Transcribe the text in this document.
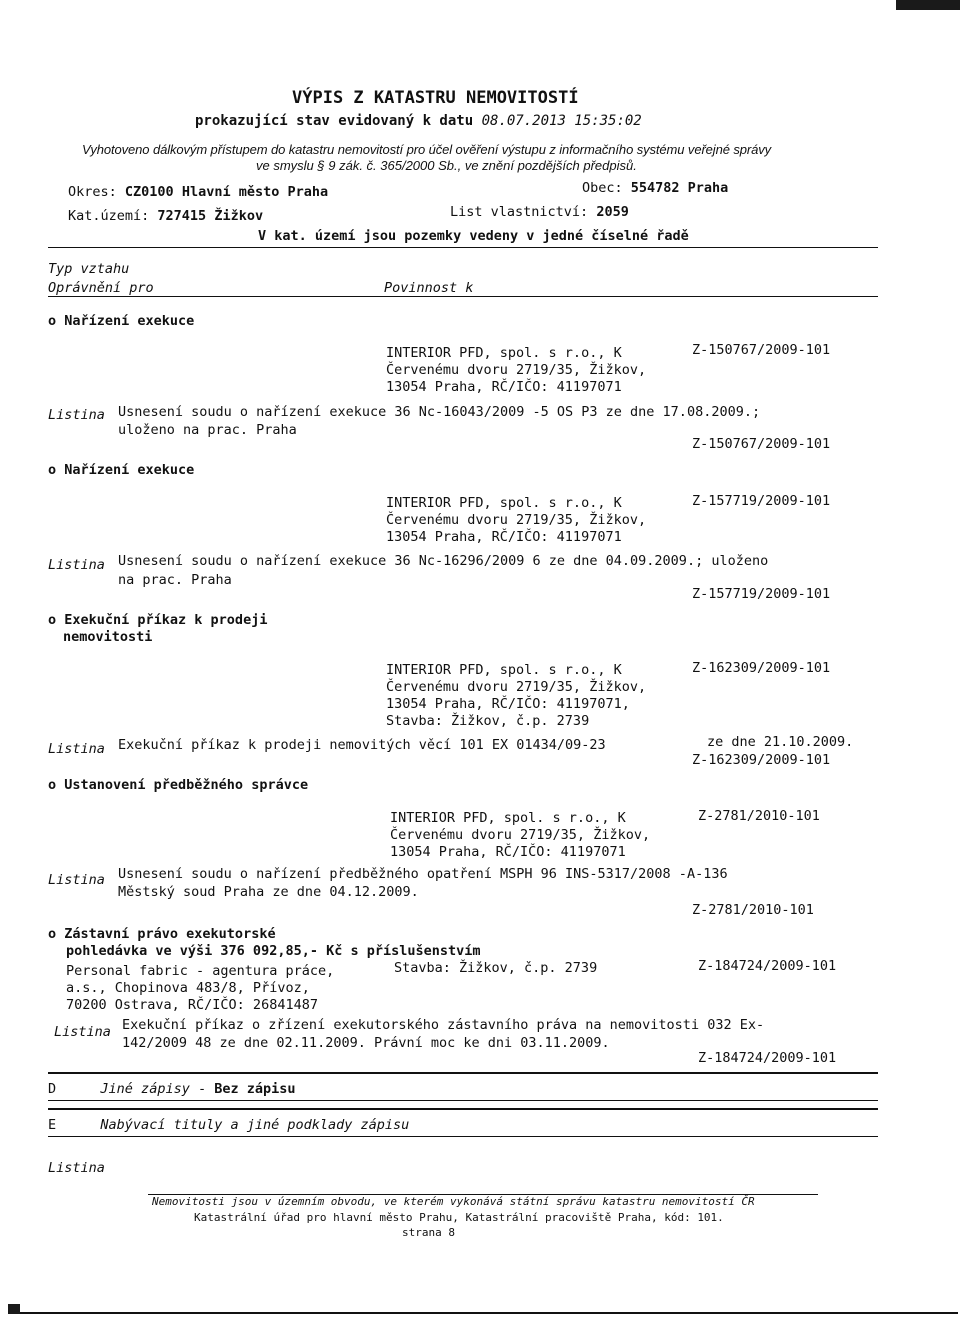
VÝPIS Z KATASTRU NEMOVITOSTÍ
prokazující stav evidovaný k datu 08.07.2013 15:35:02
Vyhotoveno dálkovým přístupem do katastru nemovitostí pro účel ověření výstupu z informačního systému veřejné správy
ve smyslu § 9 zák. č. 365/2000 Sb., ve znění pozdějších předpisů.
Okres: CZ0100 Hlavní město Praha	Obec: 554782 Praha
Kat.území: 727415 Žižkov	List vlastnictví: 2059
V kat. území jsou pozemky vedeny v jedné číselné řadě
Typ vztahu
Oprávnění pro	Povinnost k
o Nařízení exekuce
INTERIOR PFD, spol. s r.o., K
Červenému dvoru 2719/35, Žižkov,
13054 Praha, RČ/IČO: 41197071
Z-150767/2009-101
Listina Usnesení soudu o nařízení exekuce 36 Nc-16043/2009 -5 OS P3 ze dne 17.08.2009.;
uloženo na prac. Praha
Z-150767/2009-101
o Nařízení exekuce
INTERIOR PFD, spol. s r.o., K
Červenému dvoru 2719/35, Žižkov,
13054 Praha, RČ/IČO: 41197071
Z-157719/2009-101
Listina Usnesení soudu o nařízení exekuce 36 Nc-16296/2009 6 ze dne 04.09.2009.; uloženo
na prac. Praha
Z-157719/2009-101
o Exekuční příkaz k prodeji
nemovitosti
INTERIOR PFD, spol. s r.o., K
Červenému dvoru 2719/35, Žižkov,
13054 Praha, RČ/IČO: 41197071,
Stavba: Žižkov, č.p. 2739
Z-162309/2009-101
Listina Exekuční příkaz k prodeji nemovitých věcí 101 EX 01434/09-23	ze dne 21.10.2009.
Z-162309/2009-101
o Ustanovení předběžného správce
INTERIOR PFD, spol. s r.o., K
Červenému dvoru 2719/35, Žižkov,
13054 Praha, RČ/IČO: 41197071
Z-2781/2010-101
Listina Usnesení soudu o nařízení předběžného opatření MSPH 96 INS-5317/2008 -A-136
Městský soud Praha ze dne 04.12.2009.
Z-2781/2010-101
o Zástavní právo exekutorské
pohledávka ve výši 376 092,85,- Kč s příslušenstvím
Personal fabric - agentura práce,
a.s., Chopinova 483/8, Přívoz,
70200 Ostrava, RČ/IČO: 26841487
Stavba: Žižkov, č.p. 2739	Z-184724/2009-101
Listina Exekuční příkaz o zřízení exekutorského zástavního práva na nemovitosti 032 Ex-
142/2009 48 ze dne 02.11.2009. Právní moc ke dni 03.11.2009.
Z-184724/2009-101
D	Jiné zápisy - Bez zápisu
E	Nabývací tituly a jiné podklady zápisu
Listina
Nemovitosti jsou v územním obvodu, ve kterém vykonává státní správu katastru nemovitostí ČR
Katastrální úřad pro hlavní město Prahu, Katastrální pracoviště Praha, kód: 101.
strana 8
